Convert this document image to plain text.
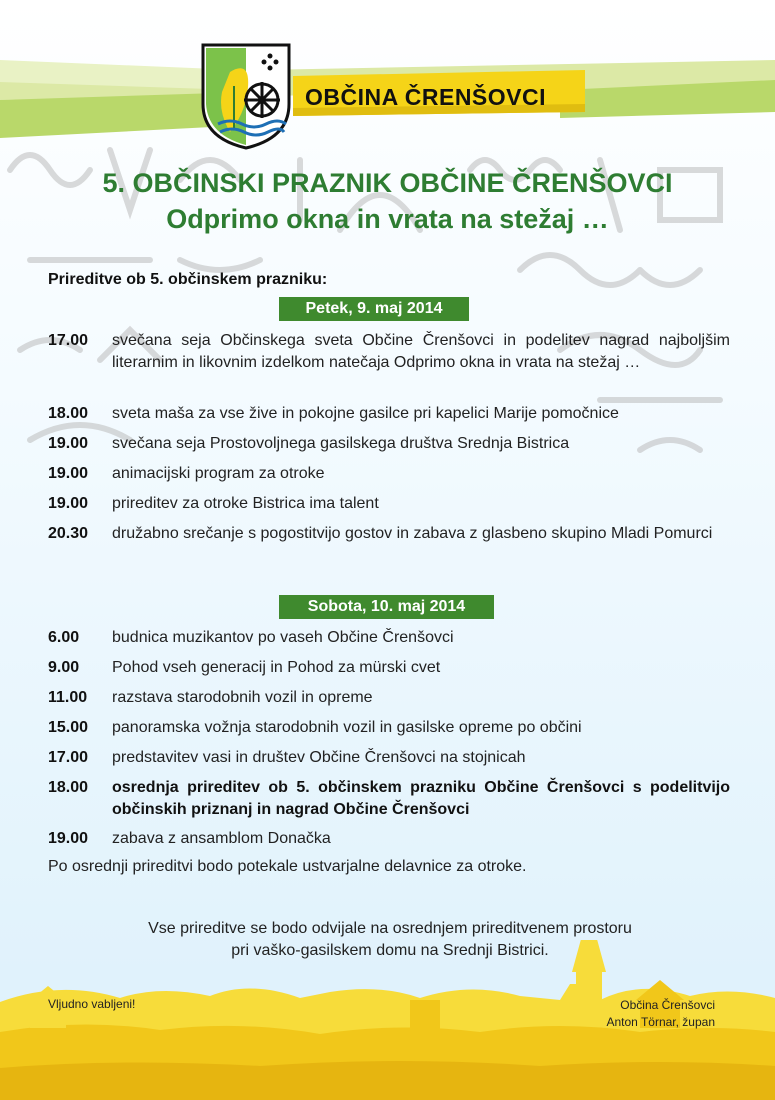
OBČINA ČRENŠOVCI
5. OBČINSKI PRAZNIK OBČINE ČRENŠOVCI
Odprimo okna in vrata na stežaj …
Prireditve ob 5. občinskem prazniku:
Petek, 9. maj 2014
17.00	svečana seja Občinskega sveta Občine Črenšovci in podelitev nagrad najboljšim literarnim in likovnim izdelkom natečaja Odprimo okna in vrata na stežaj …
18.00	sveta maša za vse žive in pokojne gasilce pri kapelici Marije pomočnice
19.00	svečana seja Prostovoljnega gasilskega društva Srednja Bistrica
19.00	animacijski program za otroke
19.00	prireditev za otroke Bistrica ima talent
20.30	družabno srečanje s pogostitvijo gostov in zabava z glasbeno skupino Mladi Pomurci
Sobota, 10. maj 2014
6.00	budnica muzikantov po vaseh Občine Črenšovci
9.00	Pohod vseh generacij in Pohod za mürski cvet
11.00	razstava starodobnih vozil in opreme
15.00	panoramska vožnja starodobnih vozil in gasilske opreme po občini
17.00	predstavitev vasi in društev Občine Črenšovci na stojnicah
18.00	osrednja prireditev ob 5. občinskem prazniku Občine Črenšovci s podelitvijo občinskih priznanj in nagrad Občine Črenšovci
19.00	zabava z ansamblom Donačka
Po osrednji prireditvi bodo potekale ustvarjalne delavnice za otroke.
Vse prireditve se bodo odvijale na osrednjem prireditvenem prostoru
pri vaško-gasilskem domu na Srednji Bistrici.
Vljudno vabljeni!	Občina Črenšovci
Anton Törnar, župan
